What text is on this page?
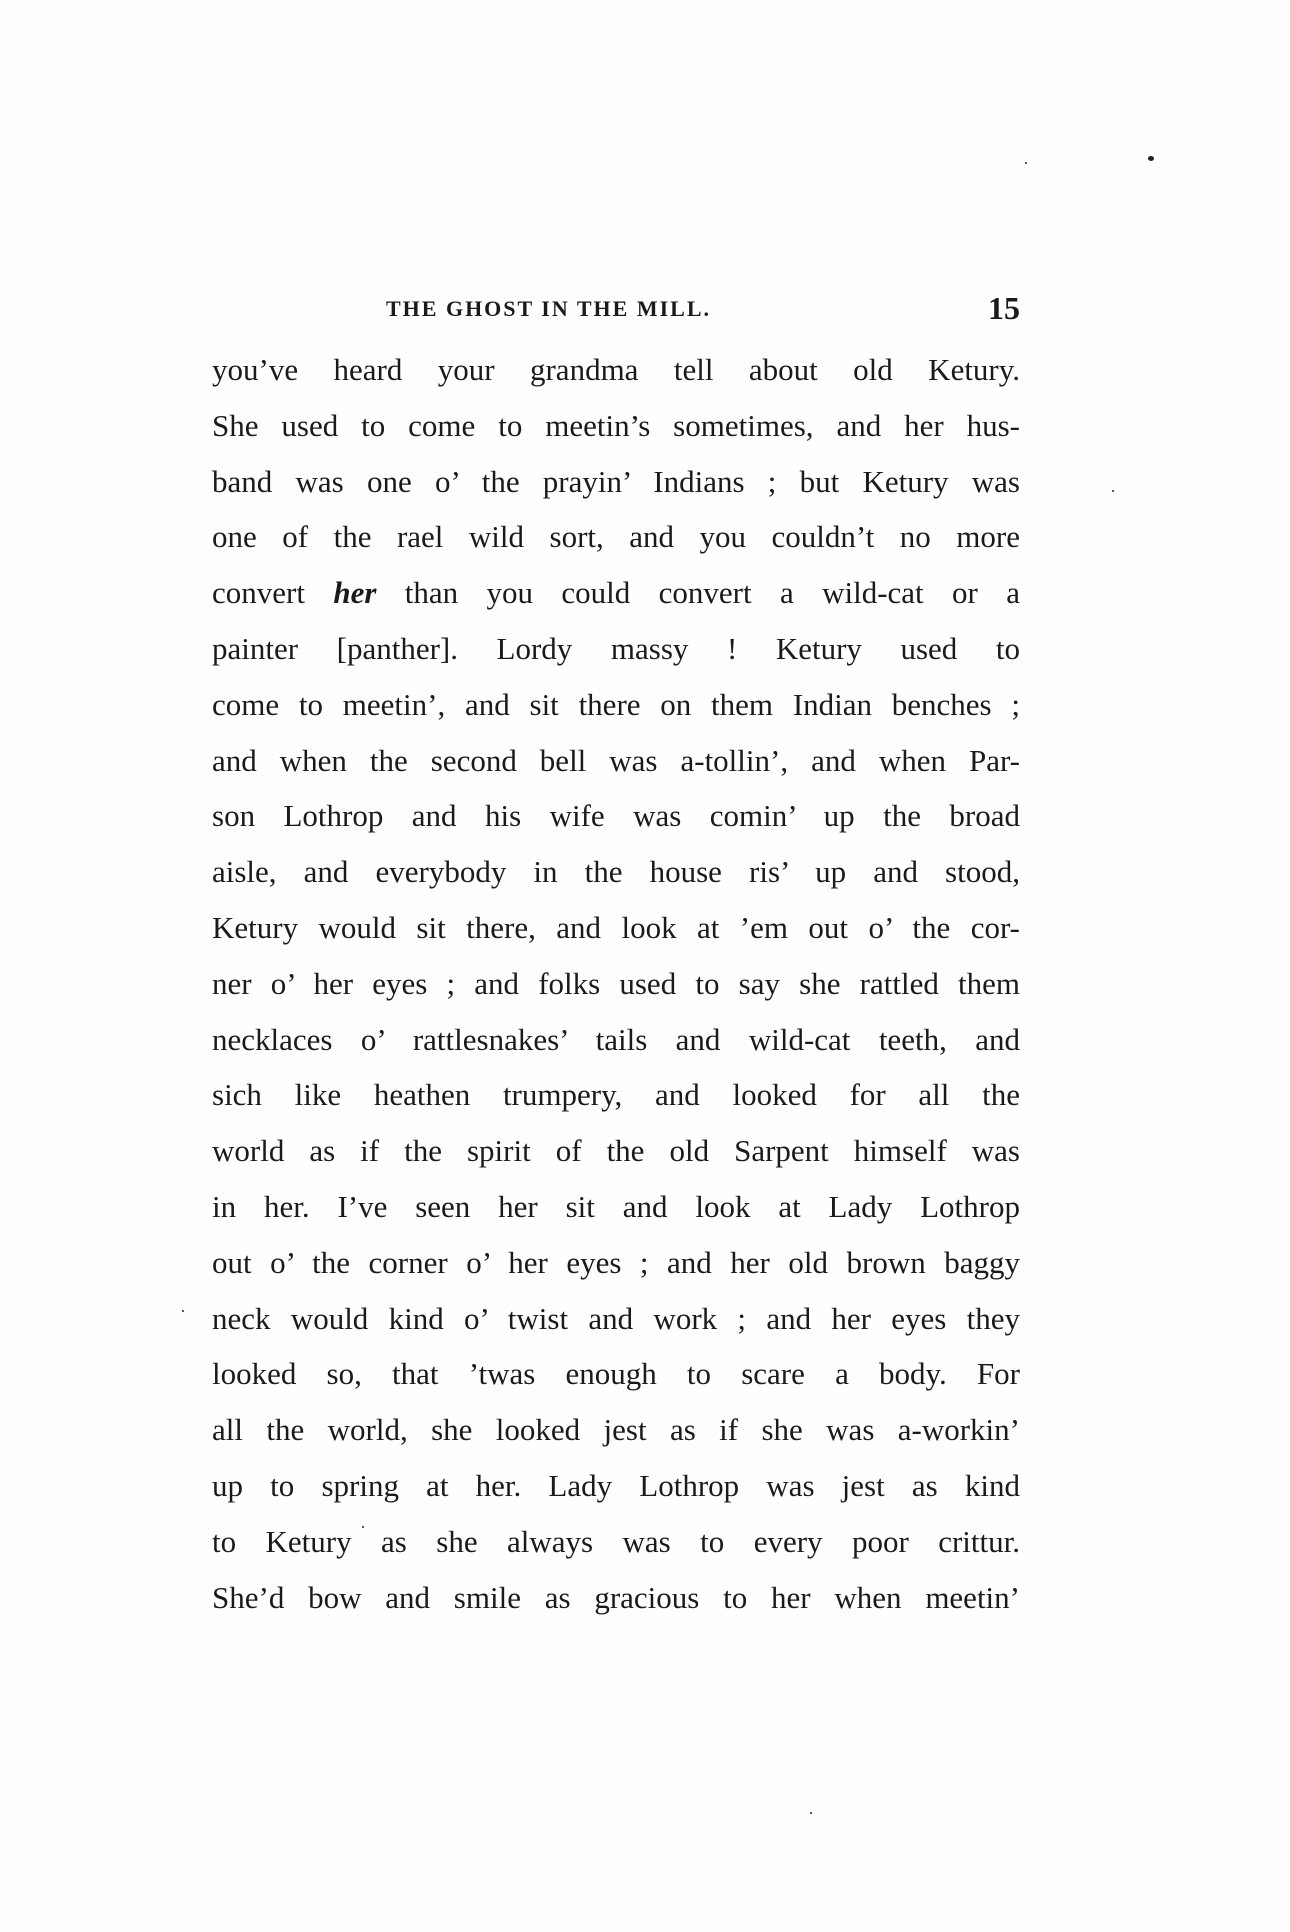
THE GHOST IN THE MILL.	15
you’ve heard your grandma tell about old Ketury.
She used to come to meetin’s sometimes, and her hus-
band was one o’ the prayin’ Indians ; but Ketury was
one of the rael wild sort, and you couldn’t no more
convert her than you could convert a wild-cat or a
painter [panther]. Lordy massy ! Ketury used to
come to meetin’, and sit there on them Indian benches ;
and when the second bell was a-tollin’, and when Par-
son Lothrop and his wife was comin’ up the broad
aisle, and everybody in the house ris’ up and stood,
Ketury would sit there, and look at ’em out o’ the cor-
ner o’ her eyes ; and folks used to say she rattled them
necklaces o’ rattlesnakes’ tails and wild-cat teeth, and
sich like heathen trumpery, and looked for all the
world as if the spirit of the old Sarpent himself was
in her. I’ve seen her sit and look at Lady Lothrop
out o’ the corner o’ her eyes ; and her old brown baggy
neck would kind o’ twist and work ; and her eyes they
looked so, that ’twas enough to scare a body. For
all the world, she looked jest as if she was a-workin’
up to spring at her. Lady Lothrop was jest as kind
to Ketury as she always was to every poor crittur.
She’d bow and smile as gracious to her when meetin’
